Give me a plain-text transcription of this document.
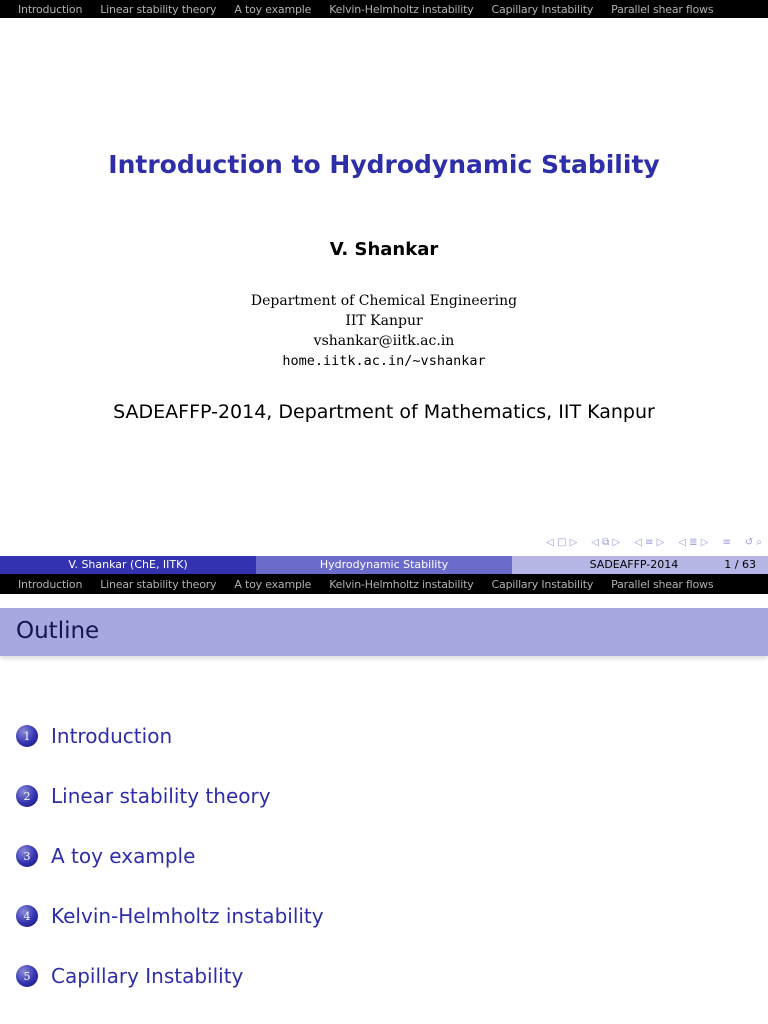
Introduction Linear stability theory A toy example Kelvin-Helmholtz instability Capillary Instability Parallel shear flows
Introduction to Hydrodynamic Stability
V. Shankar
Department of Chemical Engineering
IIT Kanpur
vshankar@iitk.ac.in
home.iitk.ac.in/~vshankar
SADEAFFP-2014, Department of Mathematics, IIT Kanpur
◁ □ ▷ ◁ ⧉ ▷ ◁ ≡ ▷ ◁ ≣ ▷ ≡ ↺ ⌕
V. Shankar (ChE, IITK)	Hydrodynamic Stability	SADEAFFP-2014	1 / 63
Introduction Linear stability theory A toy example Kelvin-Helmholtz instability Capillary Instability Parallel shear flows
Outline
1	Introduction
2	Linear stability theory
3	A toy example
4	Kelvin-Helmholtz instability
5	Capillary Instability
